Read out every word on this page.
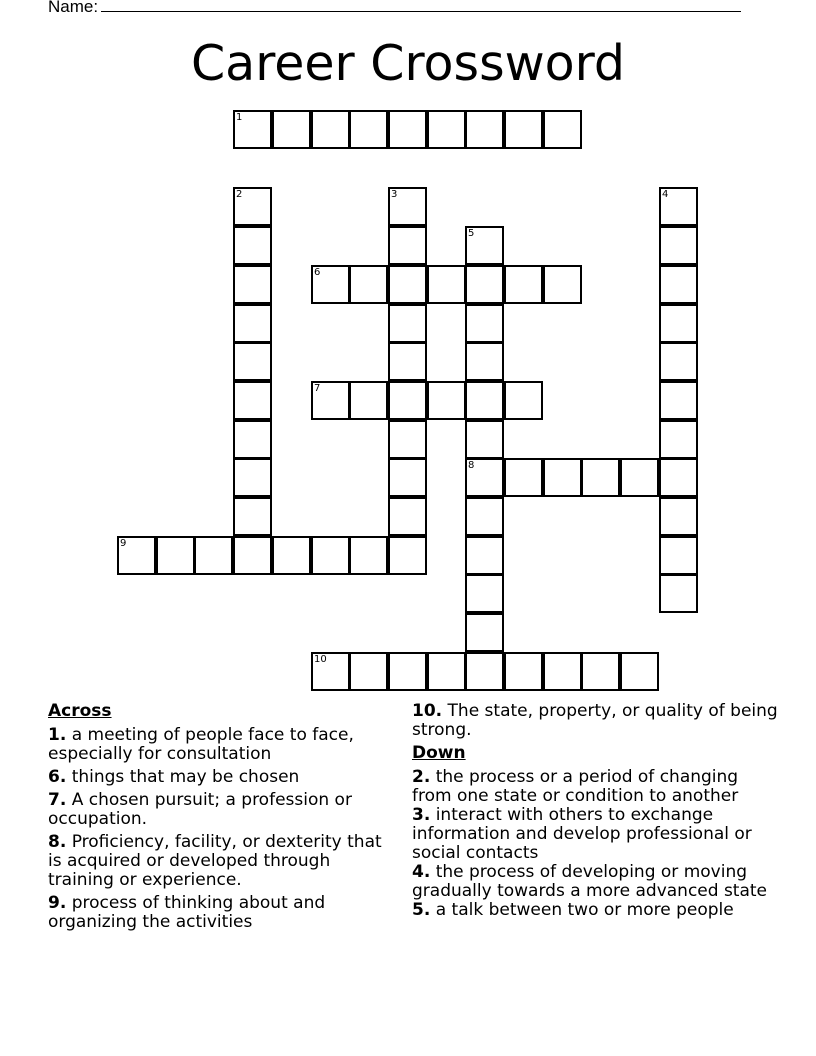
Name:
Career Crossword
1
2	3	4
5
8
6
7
9
10
Across
1. a meeting of people face to face, especially for consultation
6. things that may be chosen
7. A chosen pursuit; a profession or occupation.
8. Proficiency, facility, or dexterity that is acquired or developed through training or experience.
9. process of thinking about and organizing the activities
10. The state, property, or quality of being strong.
Down
2. the process or a period of changing from one state or condition to another
3. interact with others to exchange information and develop professional or social contacts
4. the process of developing or moving gradually towards a more advanced state
5. a talk between two or more people
